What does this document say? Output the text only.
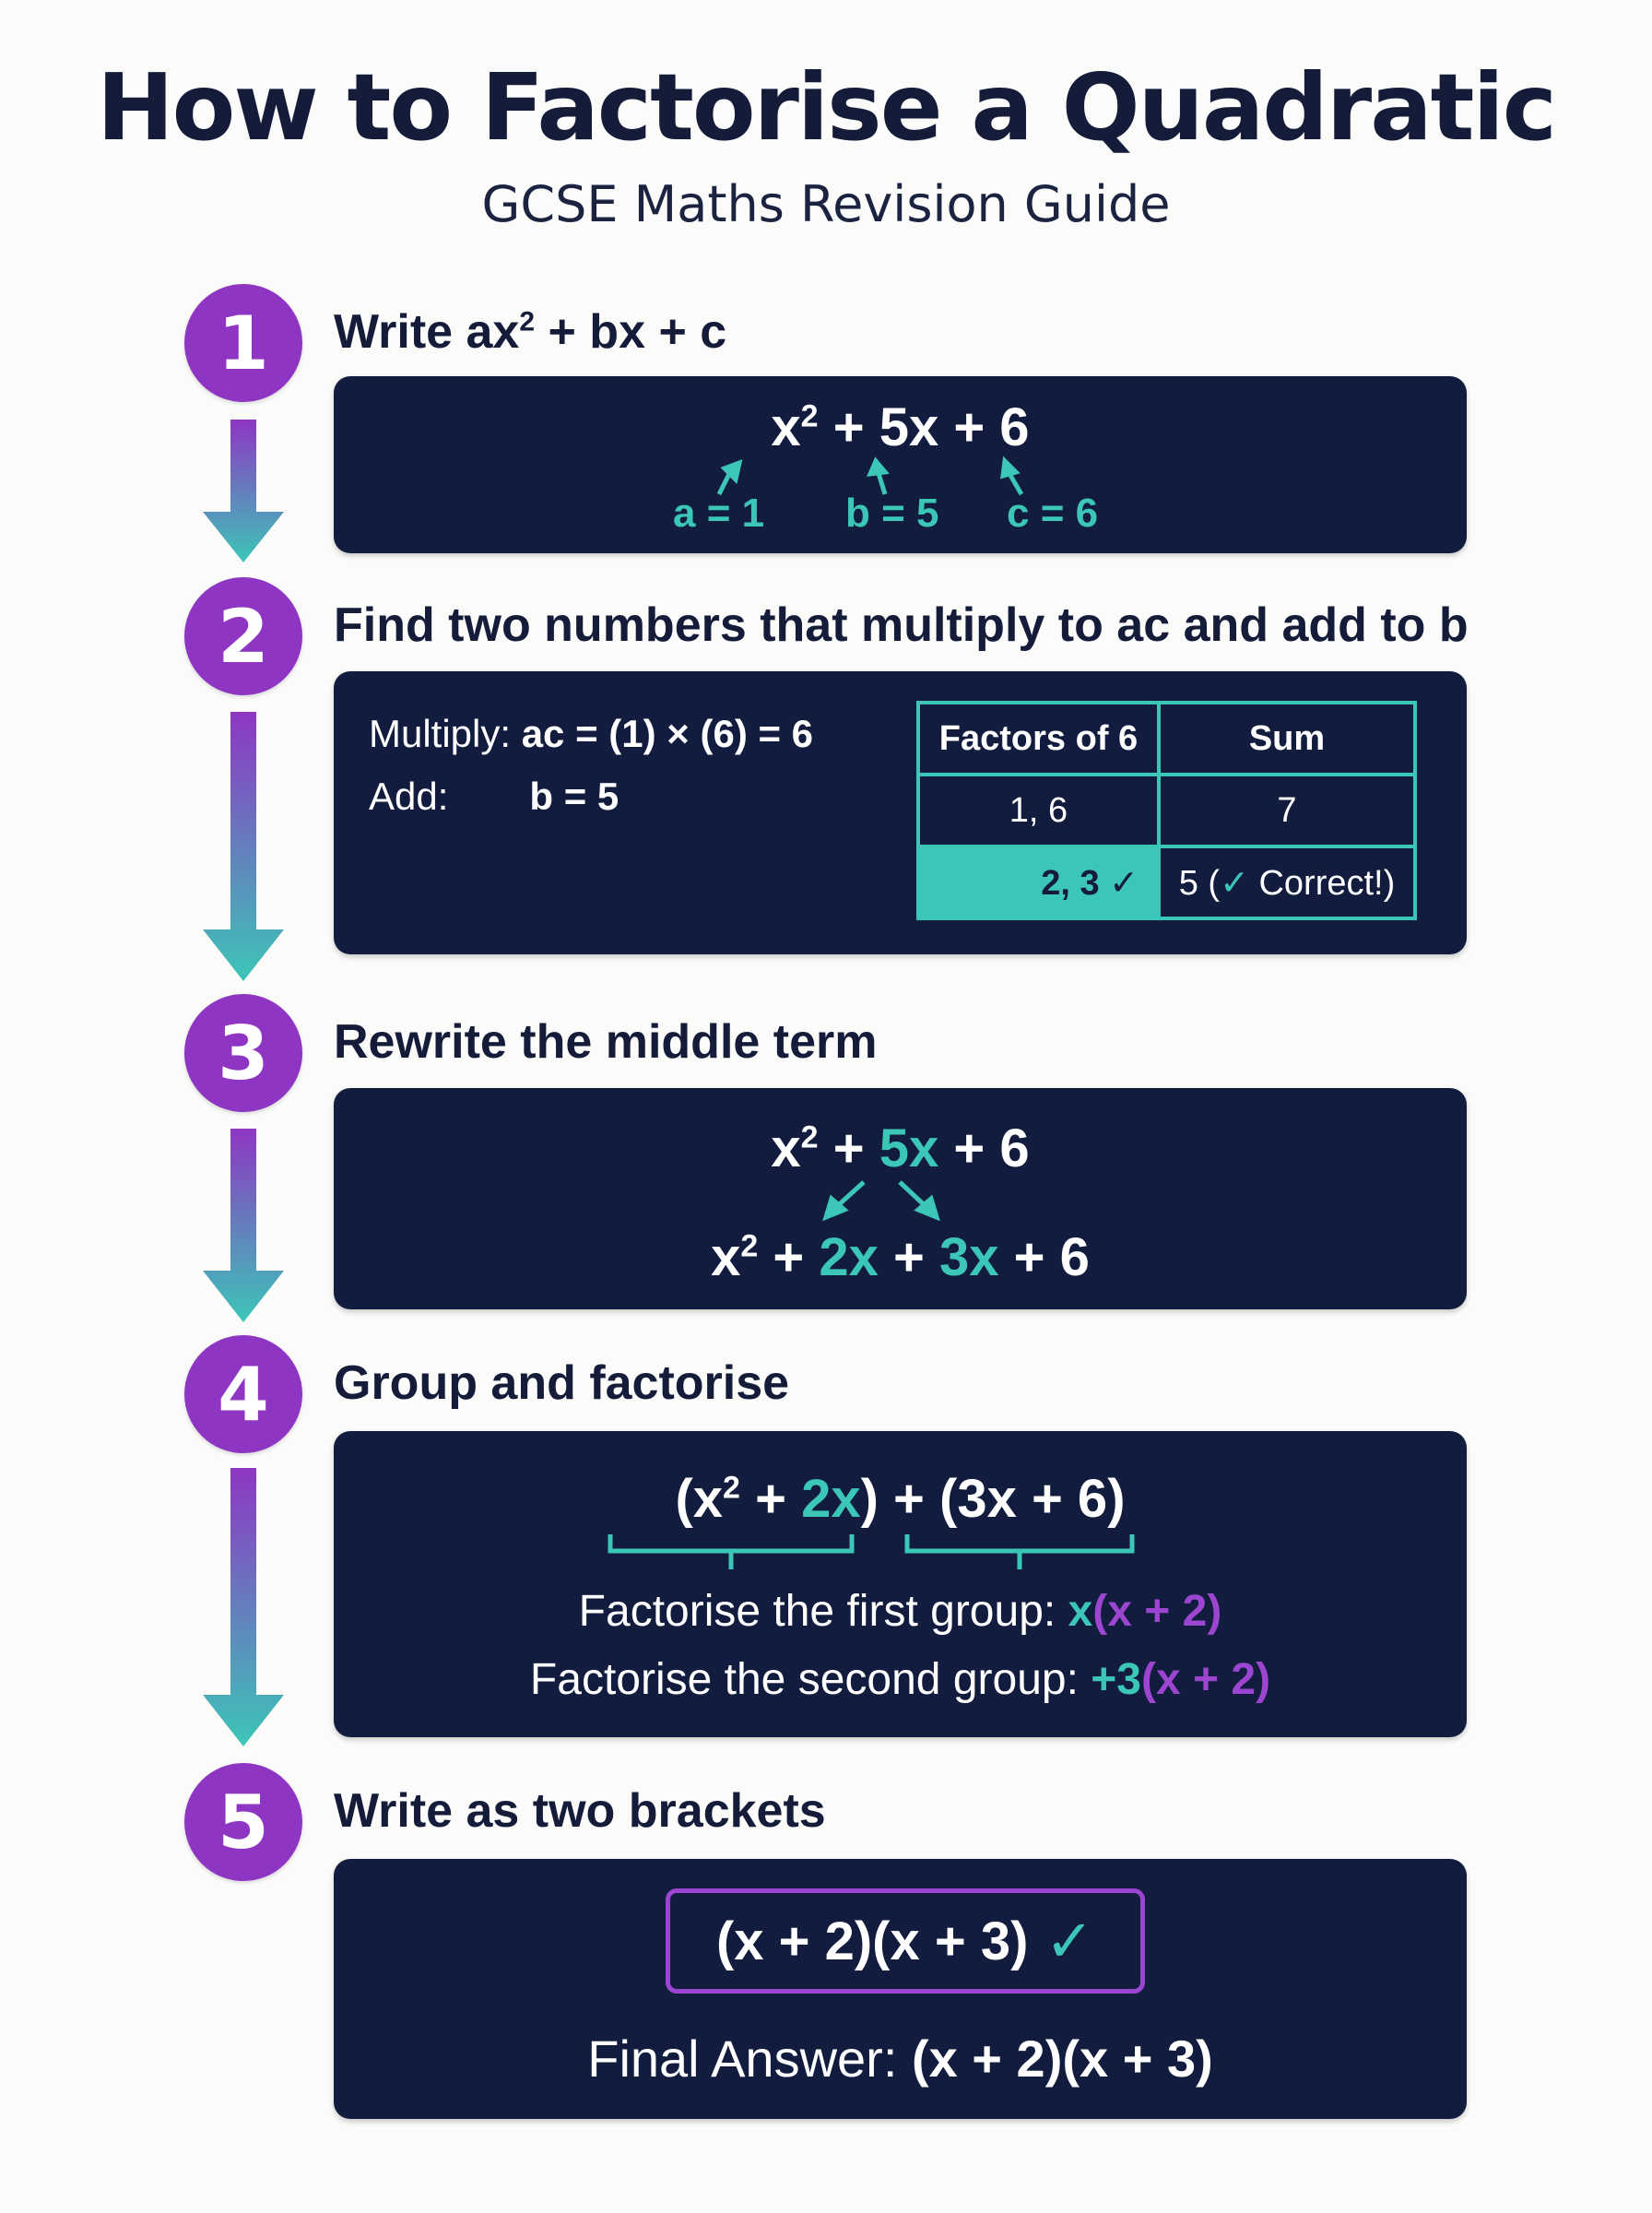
How to Factorise a Quadratic
GCSE Maths Revision Guide
1	Write $ax^2$ + bx + c
$x^2 + 5x + 6$
a = 1 b = 5 c = 6
2	Find two numbers that multiply to ac and add to b
Multiply: ac = (1) × (6) = 6
Add: b = 5
Factors of 6	Sum
1, 6	7
2, 3 ✓	5 (✓ Correct!)
3	Rewrite the middle term
$x^2 + 5x + 6$
$x^2 + 2x + 3x + 6$
4	Group and factorise
$(x^2 + 2x) + (3x + 6)$
Factorise the first group: x(x + 2)
Factorise the second group: +3(x + 2)
5	Write as two brackets
(x + 2)(x + 3) ✓
Final Answer: (x + 2)(x + 3)
